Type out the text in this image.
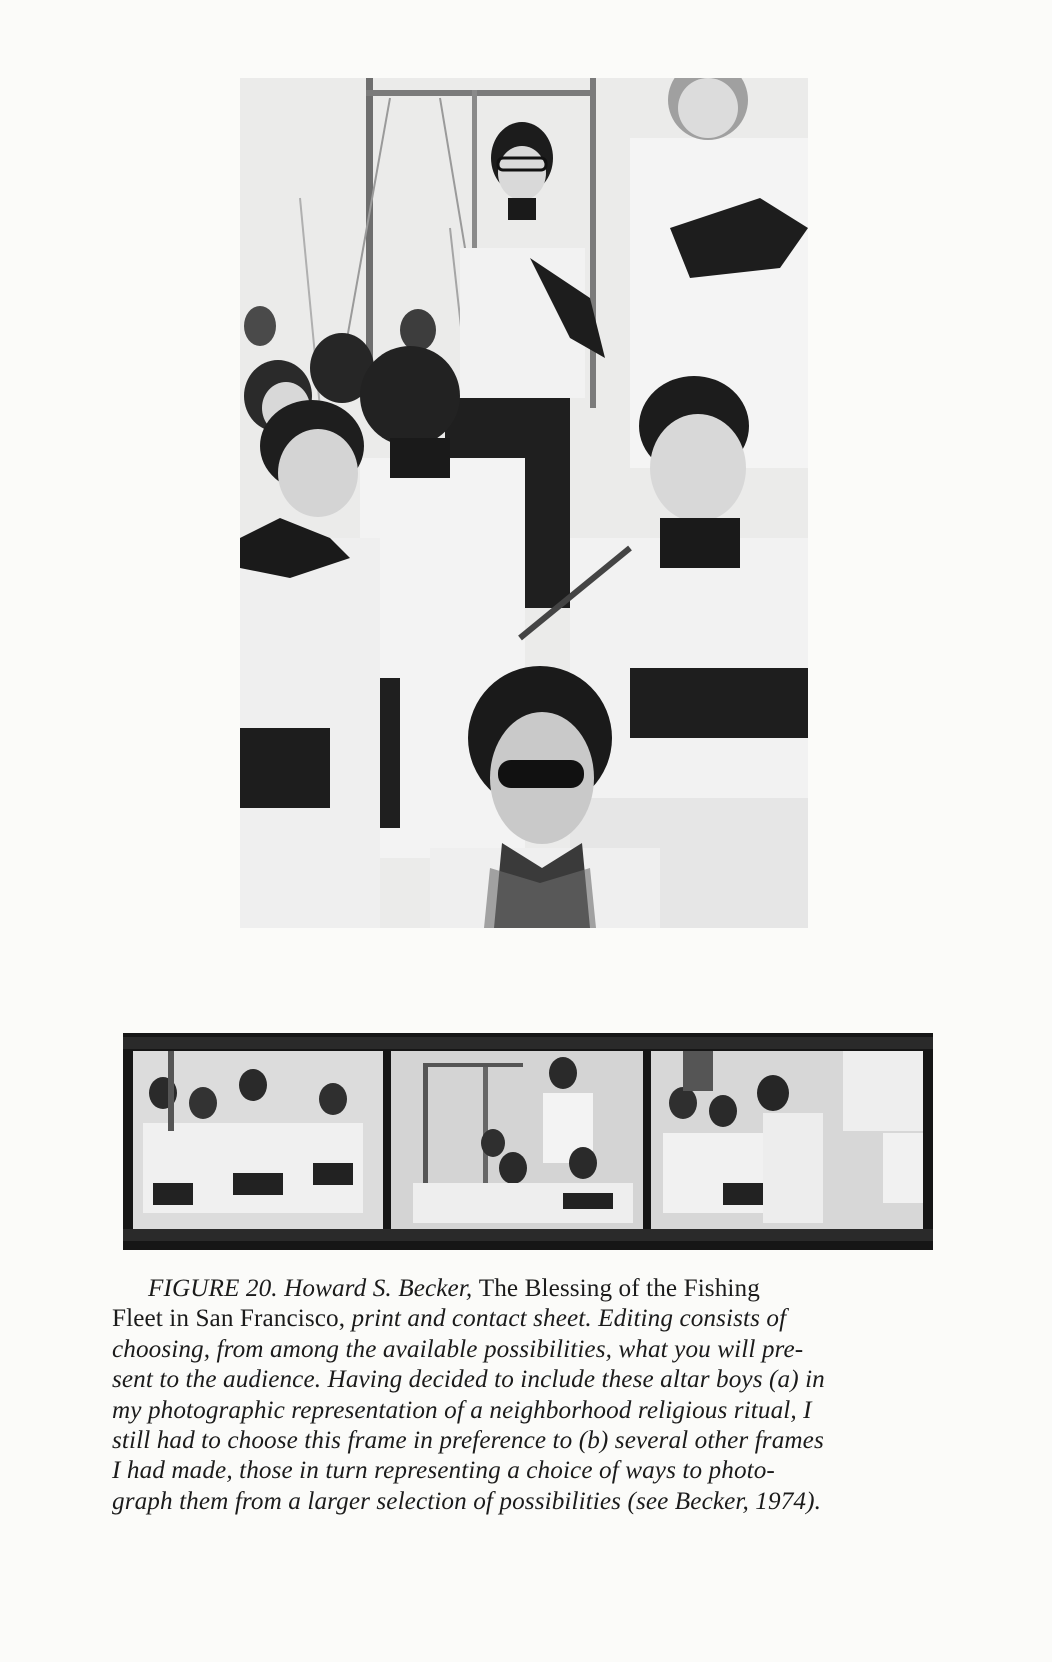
FIGURE 20. Howard S. Becker, The Blessing of the Fishing
Fleet in San Francisco, print and contact sheet. Editing consists of
choosing, from among the available possibilities, what you will pre-
sent to the audience. Having decided to include these altar boys (a) in
my photographic representation of a neighborhood religious ritual, I
still had to choose this frame in preference to (b) several other frames
I had made, those in turn representing a choice of ways to photo-
graph them from a larger selection of possibilities (see Becker, 1974).
